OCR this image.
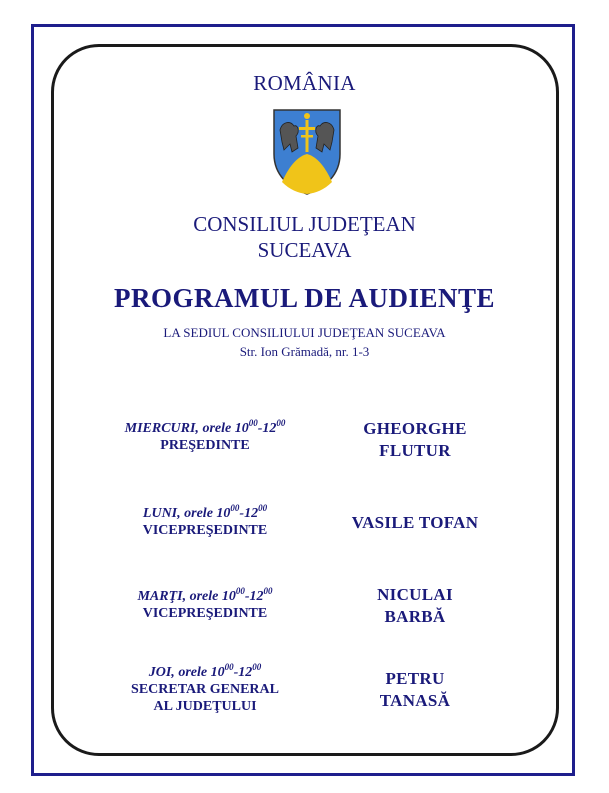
ROMÂNIA
CONSILIUL JUDEŢEAN
SUCEAVA
PROGRAMUL DE AUDIENŢE
LA SEDIUL CONSILIULUI JUDEŢEAN SUCEAVA
Str. Ion Grămadă, nr. 1-3
MIERCURI, orele $10^{00}-12^{00}$
PREŞEDINTE
GHEORGHE
FLUTUR
LUNI, orele $10^{00}-12^{00}$
VICEPREŞEDINTE	VASILE TOFAN
MARŢI, orele $10^{00}-12^{00}$
VICEPREŞEDINTE
NICULAI
BARBĂ
JOI, orele $10^{00}-12^{00}$
SECRETAR GENERAL
AL JUDEŢULUI
PETRU
TANASĂ
